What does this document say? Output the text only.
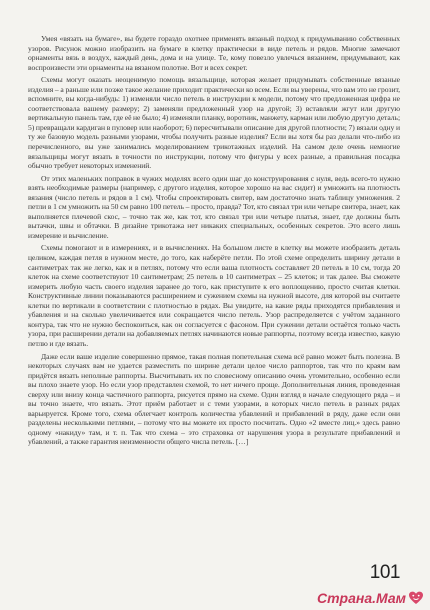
Умея «вязать на бумаге», вы будете гораздо охотнее применять вязаный подход к придумыванию собственных узоров. Рисунок можно изобразить на бумаге в клетку практически в виде петель и рядов. Многие замечают орнаменты вязь в воздух, каждый день, дома и на улице. Те, кому повезло увлечься вязанием, придумывают, как воспроизвести эти орнаменты на вязаном полотне. Вот и всех секрет.

Схемы могут оказать неоценимую помощь вязальщице, которая желает придумывать собственные вязаные изделия – а раньше или позже такое желание приходит практически ко всем. Если вы уверены, что вам это не грозит, вспомните, вы когда-нибудь: 1) изменяли число петель в инструкции к модели, потому что предложенная цифра не соответствовала вашему размеру; 2) заменяли предложенный узор на другой; 3) вставляли жгут или другую вертикальную панель там, где её не было; 4) изменяли планку, воротник, манжету, карман или любую другую деталь; 5) превращали кардиган в пуловер или наоборот; 6) пересчитывали описание для другой плотности; 7) вязали одну и ту же базовую модель разными узорами, чтобы получить разные изделия? Если вы хотя бы раз делали что-либо из перечисленного, вы уже занимались моделированием трикотажных изделий. На самом деле очень немногие вязальщицы могут вязать в точности по инструкции, потому что фигуры у всех разные, а правильная посадка обычно требует некоторых изменений.

От этих маленьких поправок в чужих моделях всего один шаг до конструирования с нуля, ведь всего-то нужно взять необходимые размеры (например, с другого изделия, которое хорошо на вас сидит) и умножить на плотность вязания (число петель и рядов в 1 см). Чтобы спроектировать свитер, вам достаточно знать таблицу умножения. 2 петли в 1 см умножить на 50 см равно 100 петель – просто, правда? Тот, кто связал три или четыре свитера, знает, как выполняется плечевой скос, – точно так же, как тот, кто связал три или четыре платья, знает, где должны быть вытачки, швы и обтачки. В дизайне трикотажа нет никаких специальных, особенных секретов. Это всего лишь измерение и вычисление.

Схемы помогают и в измерениях, и в вычислениях. На большом листе в клетку вы можете изобразить деталь целиком, каждая петля в нужном месте, до того, как наберёте петли. По этой схеме определить ширину детали в сантиметрах так же легко, как и в петлях, потому что если ваша плотность составляет 20 петель в 10 см, тогда 20 клеток на схеме соответствуют 10 сантиметрам; 25 петель в 10 сантиметрах – 25 клеток; и так далее. Вы сможете измерить любую часть своего изделия заранее до того, как приступите к его воплощению, просто считая клетки. Конструктивные линии показываются расширением и сужением схемы на нужной высоте, для которой вы считаете клетки по вертикали в соответствии с плотностью в рядах. Вы увидите, на какие ряды приходятся прибавления и убавления и на сколько увеличивается или сокращается число петель. Узор распределяется с учётом заданного контура, так что не нужно беспокоиться, как он согласуется с фасоном. При сужении детали остаётся только часть узора, при расширении детали на добавляемых петлях начинаются новые раппорты, поэтому всегда известно, какую петлю и где вязать.

Даже если ваше изделие совершенно прямое, такая полная попетельная схема всё равно может быть полезна. В некоторых случаях вам не удается разместить по ширине детали целое число раппортов, так что по краям вам придётся вязать неполные раппорты. Высчитывать их по словесному описанию очень утомительно, особенно если вы плохо знаете узор. Но если узор представлен схемой, то нет ничего проще. Дополнительная линия, проведенная сверху или внизу конца частичного раппорта, рисуется прямо на схеме. Один взгляд в начале следующего ряда – и вы точно знаете, что вязать. Этот приём работает и с теми узорами, в которых число петель в разных рядах варьируется. Кроме того, схема облегчает контроль количества убавлений и прибавлений в ряду, даже если они разделены несколькими петлями, – потому что вы можете их просто посчитать. Одно «2 вместе лиц.» здесь равно одному «накиду» там, и т. п. Так что схема – это страховка от нарушения узора в результате прибавлений и убавлений, а также гарантия неизменности общего числа петель. […]

101
Страна.Мам
